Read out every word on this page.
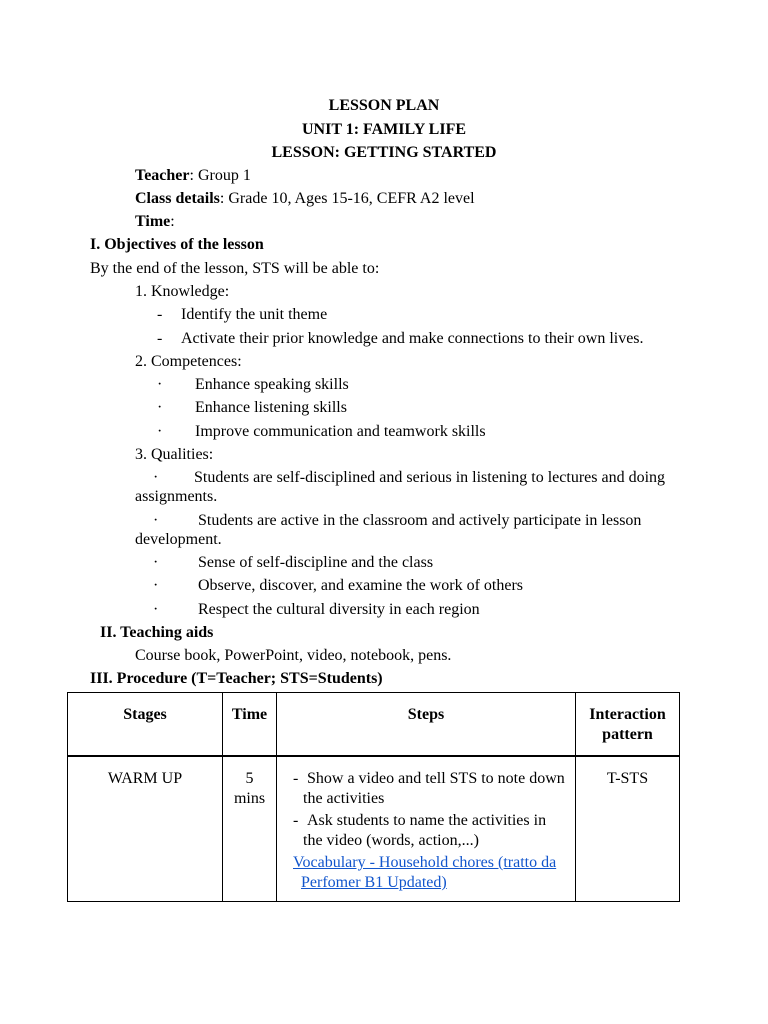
LESSON PLAN
UNIT 1: FAMILY LIFE
LESSON: GETTING STARTED
Teacher: Group 1
Class details: Grade 10, Ages 15-16, CEFR A2 level
Time:
I. Objectives of the lesson
By the end of the lesson, STS will be able to:
1. Knowledge:
- Identify the unit theme
- Activate their prior knowledge and make connections to their own lives.
2. Competences:
· Enhance speaking skills
· Enhance listening skills
· Improve communication and teamwork skills
3. Qualities:
· Students are self-disciplined and serious in listening to lectures and doing
assignments.
· Students are active in the classroom and actively participate in lesson
development.
· Sense of self-discipline and the class
· Observe, discover, and examine the work of others
· Respect the cultural diversity in each region
II. Teaching aids
Course book, PowerPoint, video, notebook, pens.
III. Procedure (T=Teacher; STS=Students)
Stages	Time	Steps	Interaction pattern
WARM UP	5 mins	- Show a video and tell STS to note down the activities
- Ask students to name the activities in the video (words, action,...)
Vocabulary - Household chores (tratto da Perfomer B1 Updated)	T-STS
